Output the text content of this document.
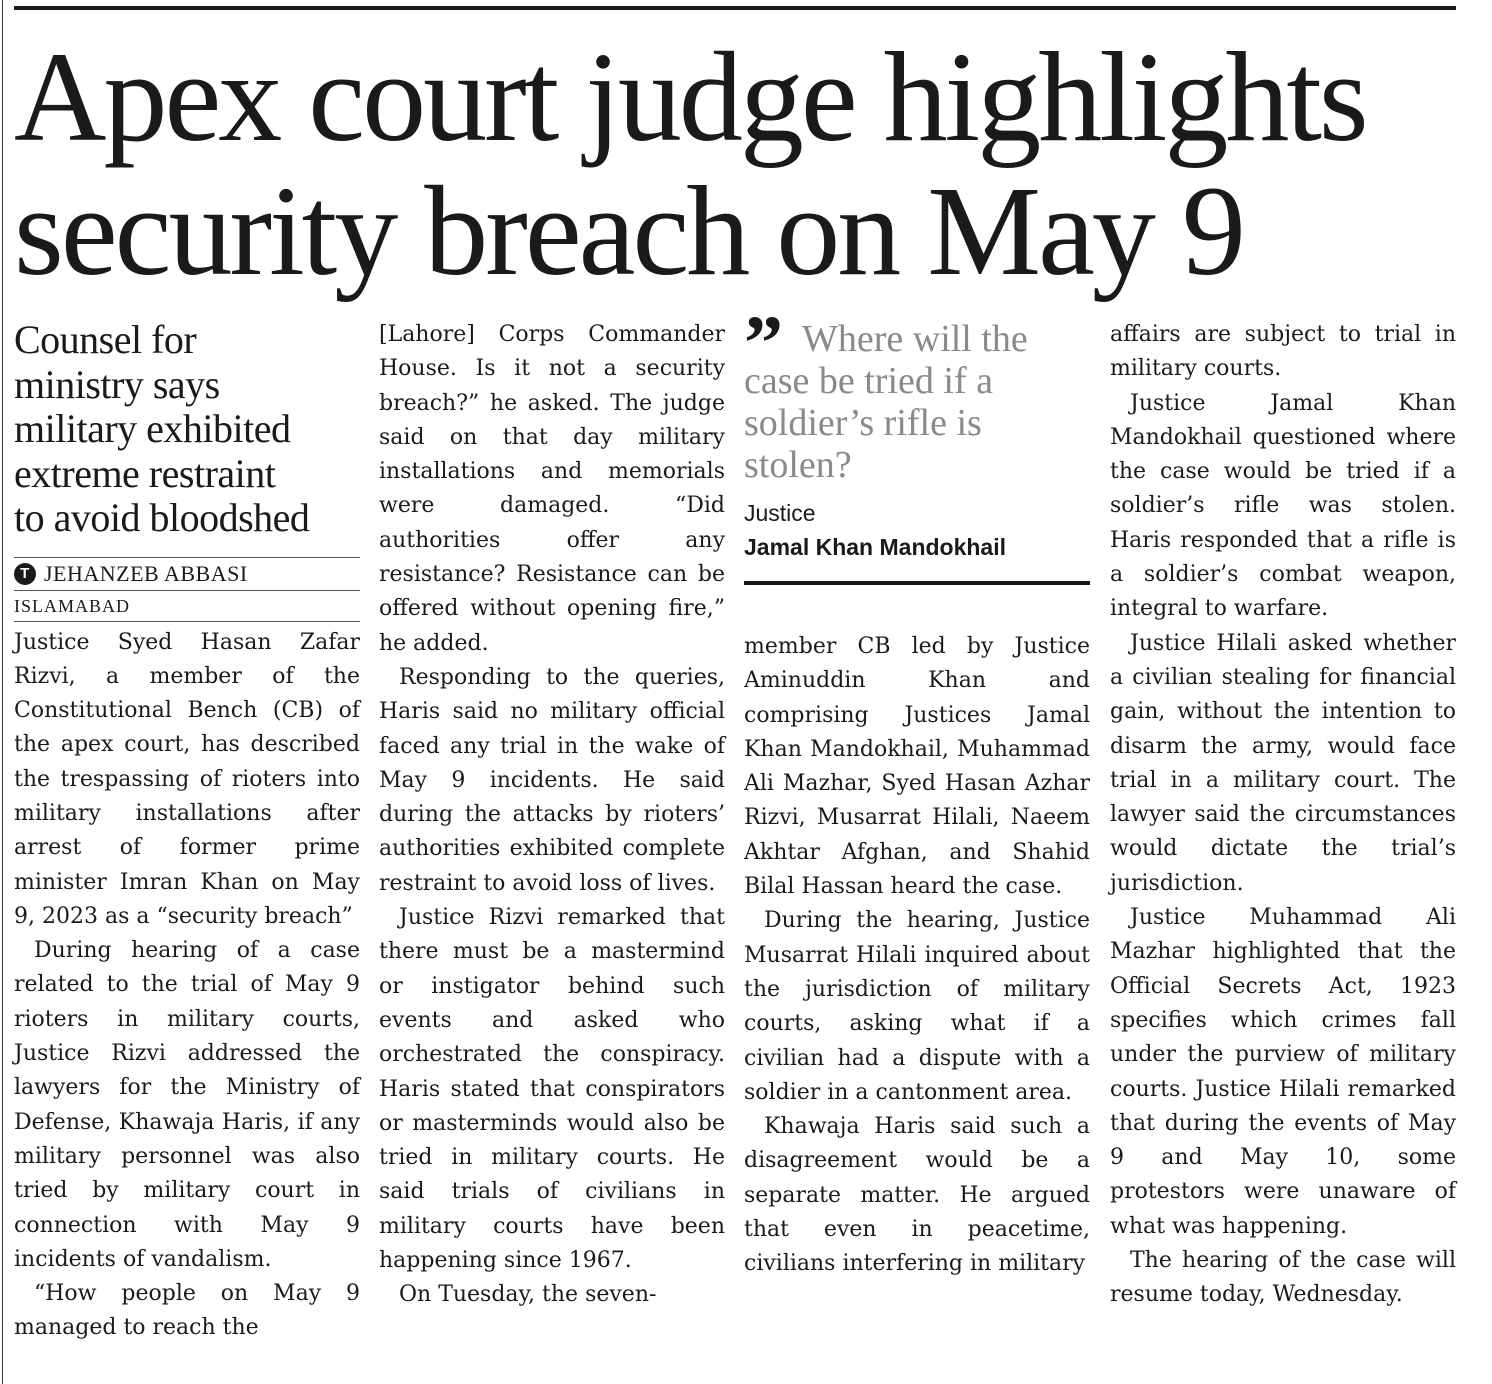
Apex court judge highlights
security breach on May 9
Counsel for
ministry says
military exhibited
extreme restraint
to avoid bloodshed
T JEHANZEB ABBASI
ISLAMABAD

Justice Syed Hasan Zafar Rizvi, a member of the Constitutional Bench (CB) of the apex court, has described the trespassing of rioters into military installations after arrest of former prime minister Imran Khan on May 9, 2023 as a “security breach”

During hearing of a case related to the trial of May 9 rioters in military courts, Justice Rizvi addressed the lawyers for the Ministry of Defense, Khawaja Haris, if any military personnel was also tried by military court in connection with May 9 incidents of vandalism.

“How people on May 9 managed to reach the

[Lahore] Corps Commander House. Is it not a security breach?” he asked. The judge said on that day military installations and memorials were damaged. “Did authorities offer any resistance? Resistance can be offered without opening fire,” he added.

Responding to the queries, Haris said no military official faced any trial in the wake of May 9 incidents. He said during the attacks by rioters’ authorities exhibited complete restraint to avoid loss of lives.

Justice Rizvi remarked that there must be a mastermind or instigator behind such events and asked who orchestrated the conspiracy. Haris stated that conspirators or masterminds would also be tried in military courts. He said trials of civilians in military courts have been happening since 1967.

On Tuesday, the seven-

” Where will the case be tried if a soldier’s rifle is stolen?

Justice
Jamal Khan Mandokhail

member CB led by Justice Aminuddin Khan and comprising Justices Jamal Khan Mandokhail, Muhammad Ali Mazhar, Syed Hasan Azhar Rizvi, Musarrat Hilali, Naeem Akhtar Afghan, and Shahid Bilal Hassan heard the case.

During the hearing, Justice Musarrat Hilali inquired about the jurisdiction of military courts, asking what if a civilian had a dispute with a soldier in a cantonment area.

Khawaja Haris said such a disagreement would be a separate matter. He argued that even in peacetime, civilians interfering in military

affairs are subject to trial in military courts.

Justice Jamal Khan Mandokhail questioned where the case would be tried if a soldier’s rifle was stolen. Haris responded that a rifle is a soldier’s combat weapon, integral to warfare.

Justice Hilali asked whether a civilian stealing for financial gain, without the intention to disarm the army, would face trial in a military court. The lawyer said the circumstances would dictate the trial’s jurisdiction.

Justice Muhammad Ali Mazhar highlighted that the Official Secrets Act, 1923 specifies which crimes fall under the purview of military courts. Justice Hilali remarked that during the events of May 9 and May 10, some protestors were unaware of what was happening.

The hearing of the case will resume today, Wednesday.
